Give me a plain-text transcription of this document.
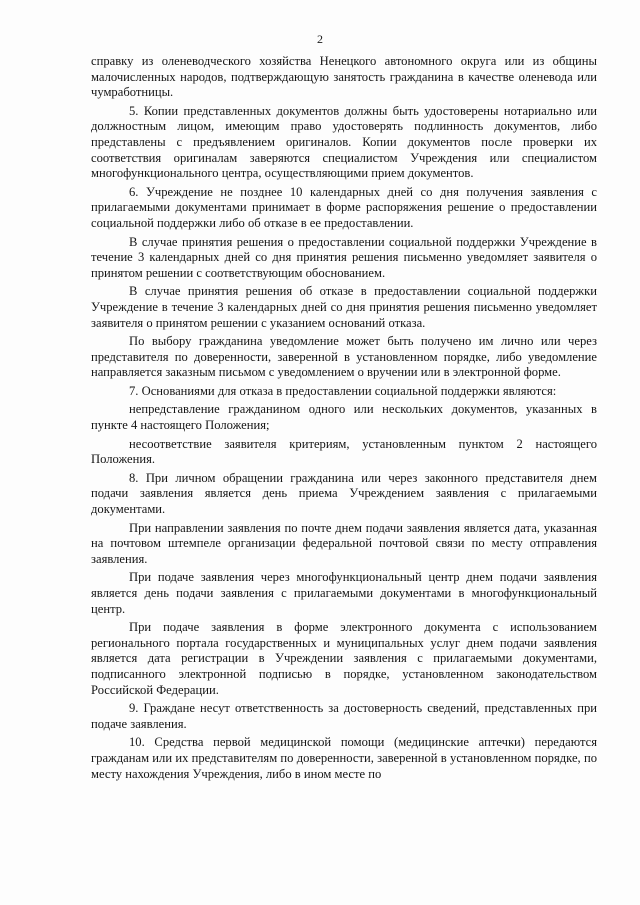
2

справку из оленеводческого хозяйства Ненецкого автономного округа или из общины малочисленных народов, подтверждающую занятость гражданина в качестве оленевода или чумработницы.

5. Копии представленных документов должны быть удостоверены нотариально или должностным лицом, имеющим право удостоверять подлинность документов, либо представлены с предъявлением оригиналов. Копии документов после проверки их соответствия оригиналам заверяются специалистом Учреждения или специалистом многофункционального центра, осуществляющими прием документов.

6. Учреждение не позднее 10 календарных дней со дня получения заявления с прилагаемыми документами принимает в форме распоряжения решение о предоставлении социальной поддержки либо об отказе в ее предоставлении.

В случае принятия решения о предоставлении социальной поддержки Учреждение в течение 3 календарных дней со дня принятия решения письменно уведомляет заявителя о принятом решении с соответствующим обоснованием.

В случае принятия решения об отказе в предоставлении социальной поддержки Учреждение в течение 3 календарных дней со дня принятия решения письменно уведомляет заявителя о принятом решении с указанием оснований отказа.

По выбору гражданина уведомление может быть получено им лично или через представителя по доверенности, заверенной в установленном порядке, либо уведомление направляется заказным письмом с уведомлением о вручении или в электронной форме.

7. Основаниями для отказа в предоставлении социальной поддержки являются:

непредставление гражданином одного или нескольких документов, указанных в пункте 4 настоящего Положения;

несоответствие заявителя критериям, установленным пунктом 2 настоящего Положения.

8. При личном обращении гражданина или через законного представителя днем подачи заявления является день приема Учреждением заявления с прилагаемыми документами.

При направлении заявления по почте днем подачи заявления является дата, указанная на почтовом штемпеле организации федеральной почтовой связи по месту отправления заявления.

При подаче заявления через многофункциональный центр днем подачи заявления является день подачи заявления с прилагаемыми документами в многофункциональный центр.

При подаче заявления в форме электронного документа с использованием регионального портала государственных и муниципальных услуг днем подачи заявления является дата регистрации в Учреждении заявления с прилагаемыми документами, подписанного электронной подписью в порядке, установленном законодательством Российской Федерации.

9. Граждане несут ответственность за достоверность сведений, представленных при подаче заявления.

10. Средства первой медицинской помощи (медицинские аптечки) передаются гражданам или их представителям по доверенности, заверенной в установленном порядке, по месту нахождения Учреждения, либо в ином месте по
